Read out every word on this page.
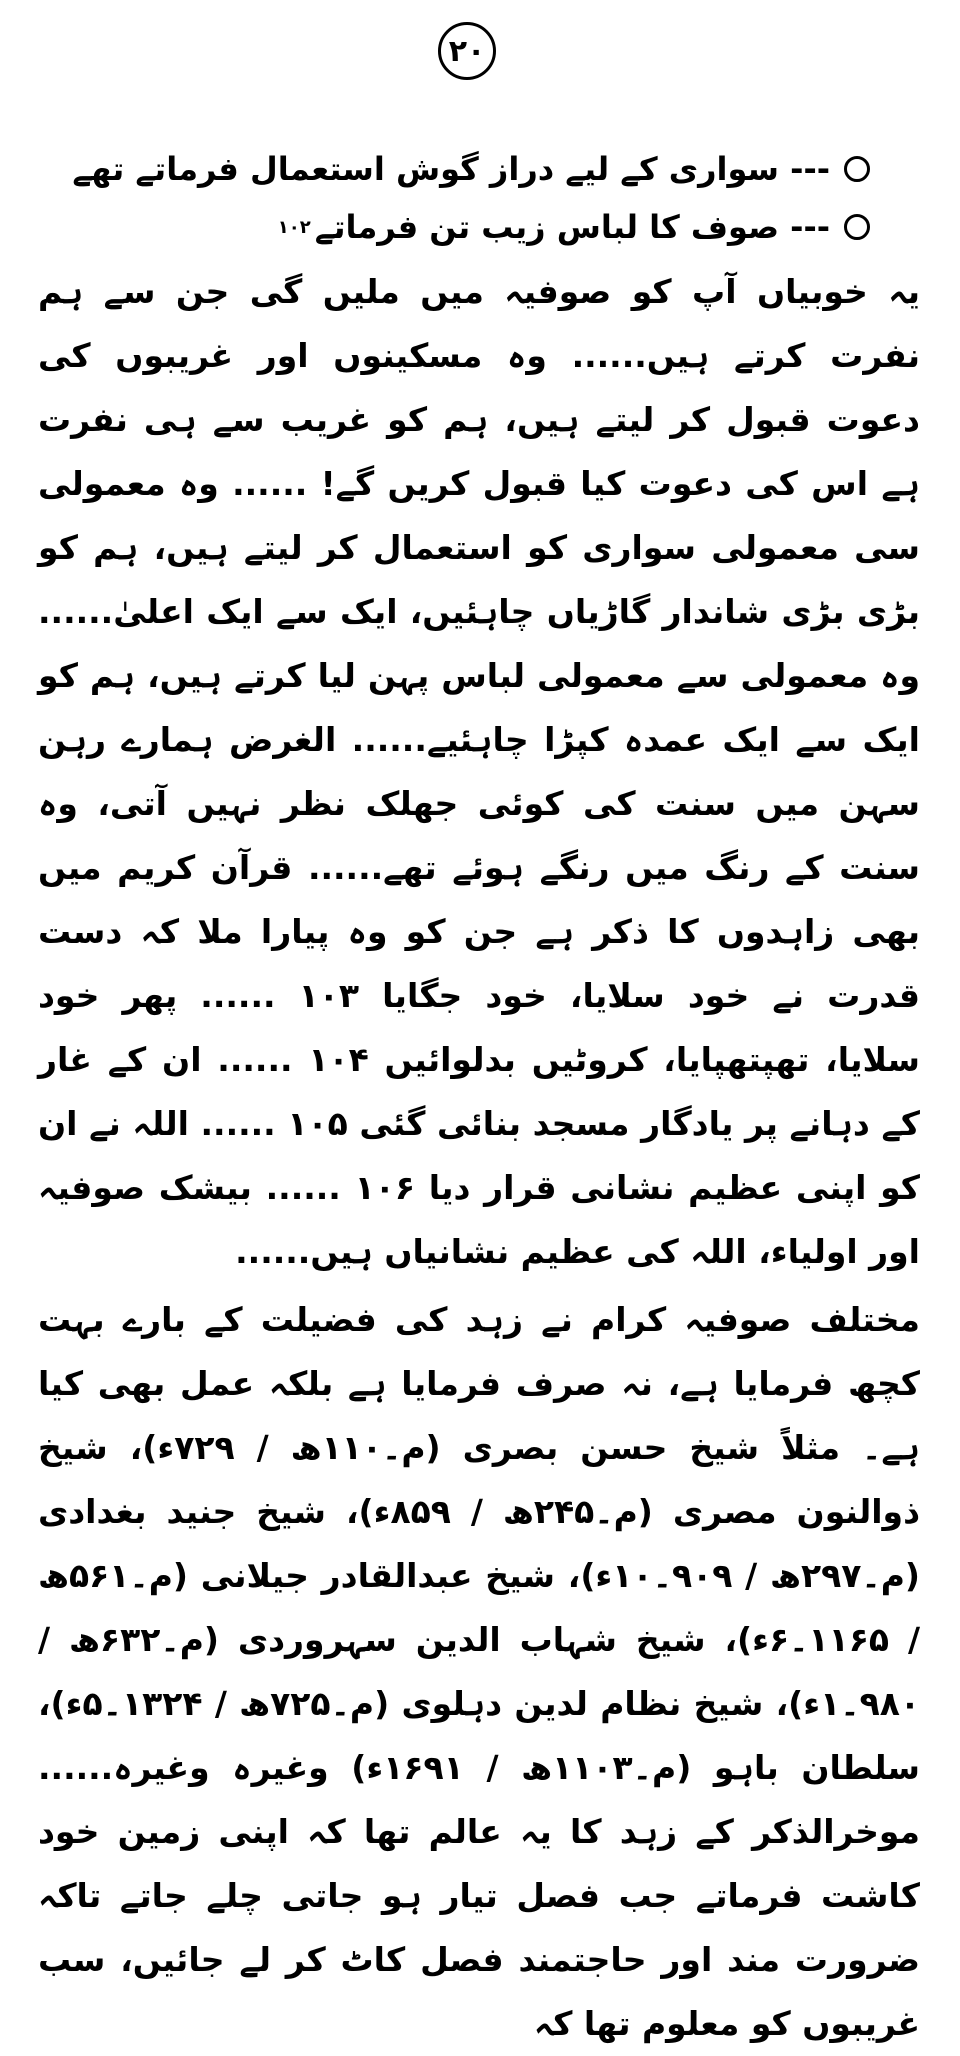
۲۰
--- سواری کے لیے دراز گوش استعمال فرماتے تھے
--- صوف کا لباس زیب تن فرماتے
۱۰۲

یہ خوبیاں آپ کو صوفیہ میں ملیں گی جن سے ہم نفرت کرتے ہیں...... وہ مسکینوں اور غریبوں کی دعوت قبول کر لیتے ہیں، ہم کو غریب سے ہی نفرت ہے اس کی دعوت کیا قبول کریں گے! ...... وہ معمولی سی معمولی سواری کو استعمال کر لیتے ہیں، ہم کو بڑی بڑی شاندار گاڑیاں چاہئیں، ایک سے ایک اعلیٰ...... وہ معمولی سے معمولی لباس پہن لیا کرتے ہیں، ہم کو ایک سے ایک عمدہ کپڑا چاہئیے...... الغرض ہمارے رہن سہن میں سنت کی کوئی جھلک نظر نہیں آتی، وہ سنت کے رنگ میں رنگے ہوئے تھے...... قرآن کریم میں بھی زاہدوں کا ذکر ہے جن کو وہ پیارا ملا کہ دست قدرت نے خود سلایا، خود جگایا ۱۰۳ ...... پھر خود سلایا، تھپتھپایا، کروٹیں بدلوائیں ۱۰۴ ...... ان کے غار کے دہانے پر یادگار مسجد بنائی گئی ۱۰۵ ...... اللہ نے ان کو اپنی عظیم نشانی قرار دیا ۱۰۶ ...... بیشک صوفیہ اور اولیاء، اللہ کی عظیم نشانیاں ہیں......

مختلف صوفیہ کرام نے زہد کی فضیلت کے بارے بہت کچھ فرمایا ہے، نہ صرف فرمایا ہے بلکہ عمل بھی کیا ہے۔ مثلاً شیخ حسن بصری (م۔۱۱۰ھ / ۷۲۹ء)، شیخ ذوالنون مصری (م۔۲۴۵ھ / ۸۵۹ء)، شیخ جنید بغدادی (م۔۲۹۷ھ / ۹۰۹۔۱۰ء)، شیخ عبدالقادر جیلانی (م۔۵۶۱ھ / ۱۱۶۵۔۶ء)، شیخ شہاب الدین سہروردی (م۔۶۳۲ھ / ۹۸۰۔۱ء)، شیخ نظام لدین دہلوی (م۔۷۲۵ھ / ۱۳۲۴۔۵ء)، سلطان باہو (م۔۱۱۰۳ھ / ۱۶۹۱ء) وغیرہ وغیرہ...... موخرالذکر کے زہد کا یہ عالم تھا کہ اپنی زمین خود کاشت فرماتے جب فصل تیار ہو جاتی چلے جاتے تاکہ ضرورت مند اور حاجتمند فصل کاٹ کر لے جائیں، سب غریبوں کو معلوم تھا کہ
